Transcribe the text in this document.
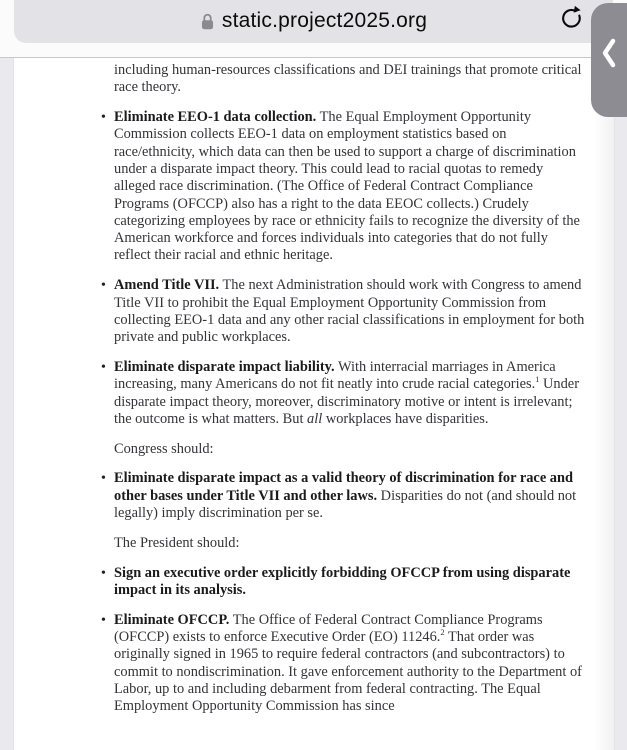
static.project2025.org
including human-resources classifications and DEI trainings that promote critical race theory.
• Eliminate EEO-1 data collection. The Equal Employment Opportunity Commission collects EEO-1 data on employment statistics based on race/ethnicity, which data can then be used to support a charge of discrimination under a disparate impact theory. This could lead to racial quotas to remedy alleged race discrimination. (The Office of Federal Contract Compliance Programs (OFCCP) also has a right to the data EEOC collects.) Crudely categorizing employees by race or ethnicity fails to recognize the diversity of the American workforce and forces individuals into categories that do not fully reflect their racial and ethnic heritage.
• Amend Title VII. The next Administration should work with Congress to amend Title VII to prohibit the Equal Employment Opportunity Commission from collecting EEO-1 data and any other racial classifications in employment for both private and public workplaces.
• Eliminate disparate impact liability. With interracial marriages in America increasing, many Americans do not fit neatly into crude racial categories.$^1$ Under disparate impact theory, moreover, discriminatory motive or intent is irrelevant; the outcome is what matters. But all workplaces have disparities.
Congress should:
• Eliminate disparate impact as a valid theory of discrimination for race and other bases under Title VII and other laws. Disparities do not (and should not legally) imply discrimination per se.
The President should:
• Sign an executive order explicitly forbidding OFCCP from using disparate impact in its analysis.
• Eliminate OFCCP. The Office of Federal Contract Compliance Programs (OFCCP) exists to enforce Executive Order (EO) 11246.$^2$ That order was originally signed in 1965 to require federal contractors (and subcontractors) to commit to nondiscrimination. It gave enforcement authority to the Department of Labor, up to and including debarment from federal contracting. The Equal Employment Opportunity Commission has since
